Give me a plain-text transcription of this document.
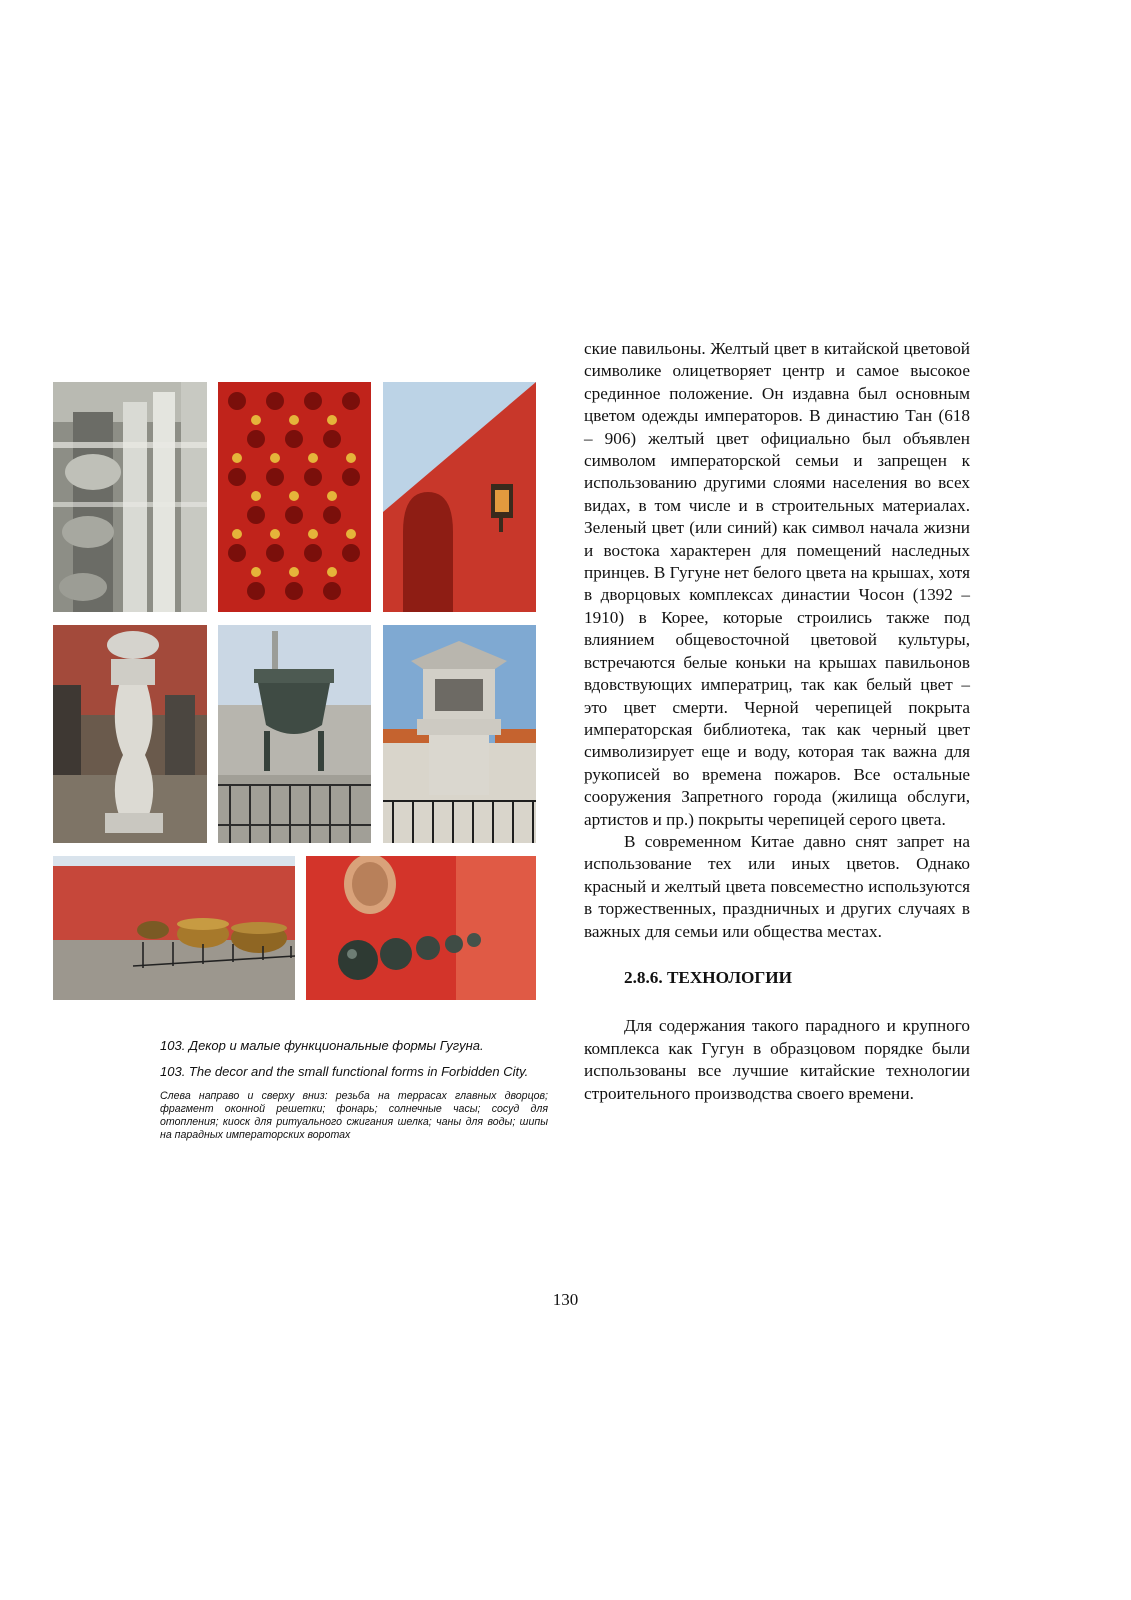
103. Декор и малые функциональные формы Гугуна.

103. The decor and the small functional forms in Forbidden City.

Слева направо и сверху вниз: резьба на террасах главных дворцов; фрагмент оконной решетки; фонарь; солнечные часы; сосуд для отопления; киоск для ритуального сжигания шелка; чаны для воды; шипы на парадных императорских воротах

ские павильоны. Желтый цвет в китайской цветовой символике олицетворяет центр и самое высокое срединное положение. Он издавна был основным цветом одежды императоров. В династию Тан (618 – 906) желтый цвет официально был объявлен символом императорской семьи и запрещен к использованию другими слоями населения во всех видах, в том числе и в строительных материалах. Зеленый цвет (или синий) как символ начала жизни и востока характерен для помещений наследных принцев. В Гугуне нет белого цвета на крышах, хотя в дворцовых комплексах династии Чосон (1392 – 1910) в Корее, которые строились также под влиянием общевосточной цветовой культуры, встречаются белые коньки на крышах павильонов вдовствующих императриц, так как белый цвет – это цвет смерти. Черной черепицей покрыта императорская библиотека, так как черный цвет символизирует еще и воду, которая так важна для рукописей во времена пожаров. Все остальные сооружения Запретного города (жилища обслуги, артистов и пр.) покрыты черепицей серого цвета.

В современном Китае давно снят запрет на использование тех или иных цветов. Однако красный и желтый цвета повсеместно используются в торжественных, праздничных и других случаях в важных для семьи или общества местах.

2.8.6. ТЕХНОЛОГИИ

Для содержания такого парадного и крупного комплекса как Гугун в образцовом порядке были использованы все лучшие китайские технологии строительного производства своего времени.

130
